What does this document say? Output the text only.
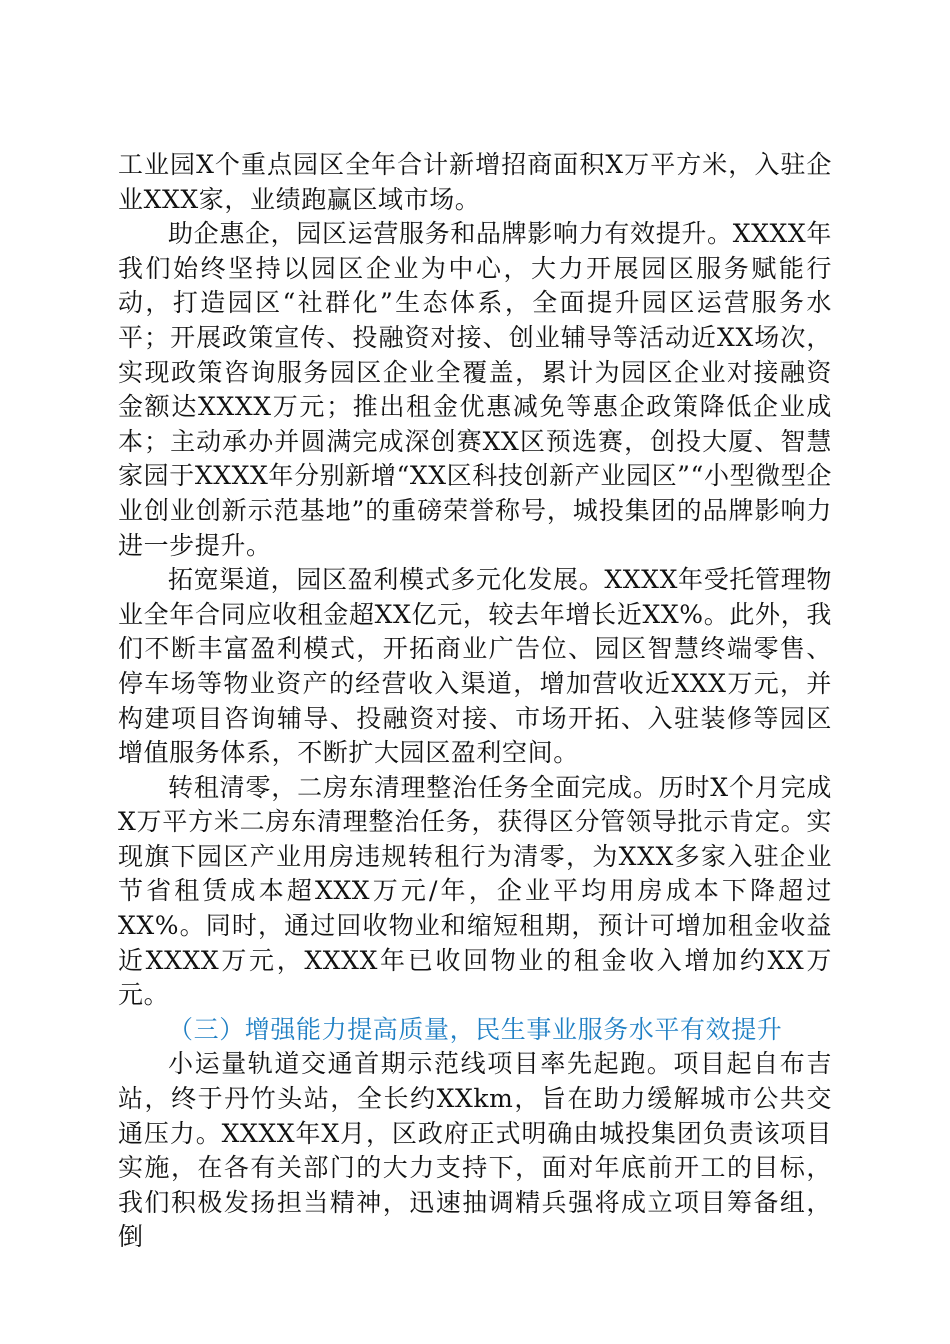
工业园X个重点园区全年合计新增招商面积X万平方米，入驻企业XXX家，业绩跑赢区域市场。

助企惠企，园区运营服务和品牌影响力有效提升。XXXX年我们始终坚持以园区企业为中心，大力开展园区服务赋能行动，打造园区“社群化”生态体系，全面提升园区运营服务水平；开展政策宣传、投融资对接、创业辅导等活动近XX场次，实现政策咨询服务园区企业全覆盖，累计为园区企业对接融资金额达XXXX万元；推出租金优惠减免等惠企政策降低企业成本；主动承办并圆满完成深创赛XX区预选赛，创投大厦、智慧家园于XXXX年分别新增“XX区科技创新产业园区”“小型微型企业创业创新示范基地”的重磅荣誉称号，城投集团的品牌影响力进一步提升。

拓宽渠道，园区盈利模式多元化发展。XXXX年受托管理物业全年合同应收租金超XX亿元，较去年增长近XX%。此外，我们不断丰富盈利模式，开拓商业广告位、园区智慧终端零售、停车场等物业资产的经营收入渠道，增加营收近XXX万元，并构建项目咨询辅导、投融资对接、市场开拓、入驻装修等园区增值服务体系，不断扩大园区盈利空间。

转租清零，二房东清理整治任务全面完成。历时X个月完成X万平方米二房东清理整治任务，获得区分管领导批示肯定。实现旗下园区产业用房违规转租行为清零，为XXX多家入驻企业节省租赁成本超XXX万元/年，企业平均用房成本下降超过XX%。同时，通过回收物业和缩短租期，预计可增加租金收益近XXXX万元，XXXX年已收回物业的租金收入增加约XX万元。

（三）增强能力提高质量，民生事业服务水平有效提升

小运量轨道交通首期示范线项目率先起跑。项目起自布吉站，终于丹竹头站，全长约XXkm，旨在助力缓解城市公共交通压力。XXXX年X月，区政府正式明确由城投集团负责该项目实施，在各有关部门的大力支持下，面对年底前开工的目标，我们积极发扬担当精神，迅速抽调精兵强将成立项目筹备组，倒
